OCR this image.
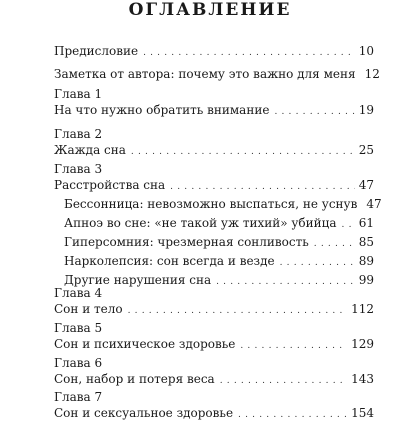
ОГЛАВЛЕНИЕ
Предисловие .....	10
Заметка от автора: почему это важно для меня 12
Глава 1
На что нужно обратить внимание .....	19
Глава 2
Жажда сна .....	25
Глава 3
Расстройства сна .....	47
Бессонница: невозможно выспаться, не уснув 47
Апноэ во сне: «не такой уж тихий» убийца ..... 61
Гиперсомния: чрезмерная сонливость .....	85
Нарколепсия: сон всегда и везде .....	89
Другие нарушения сна .....	99
Глава 4
Сон и тело .....	112
Глава 5
Сон и психическое здоровье .....	129
Глава 6
Сон, набор и потеря веса .....	143
Глава 7
Сон и сексуальное здоровье .....	154
